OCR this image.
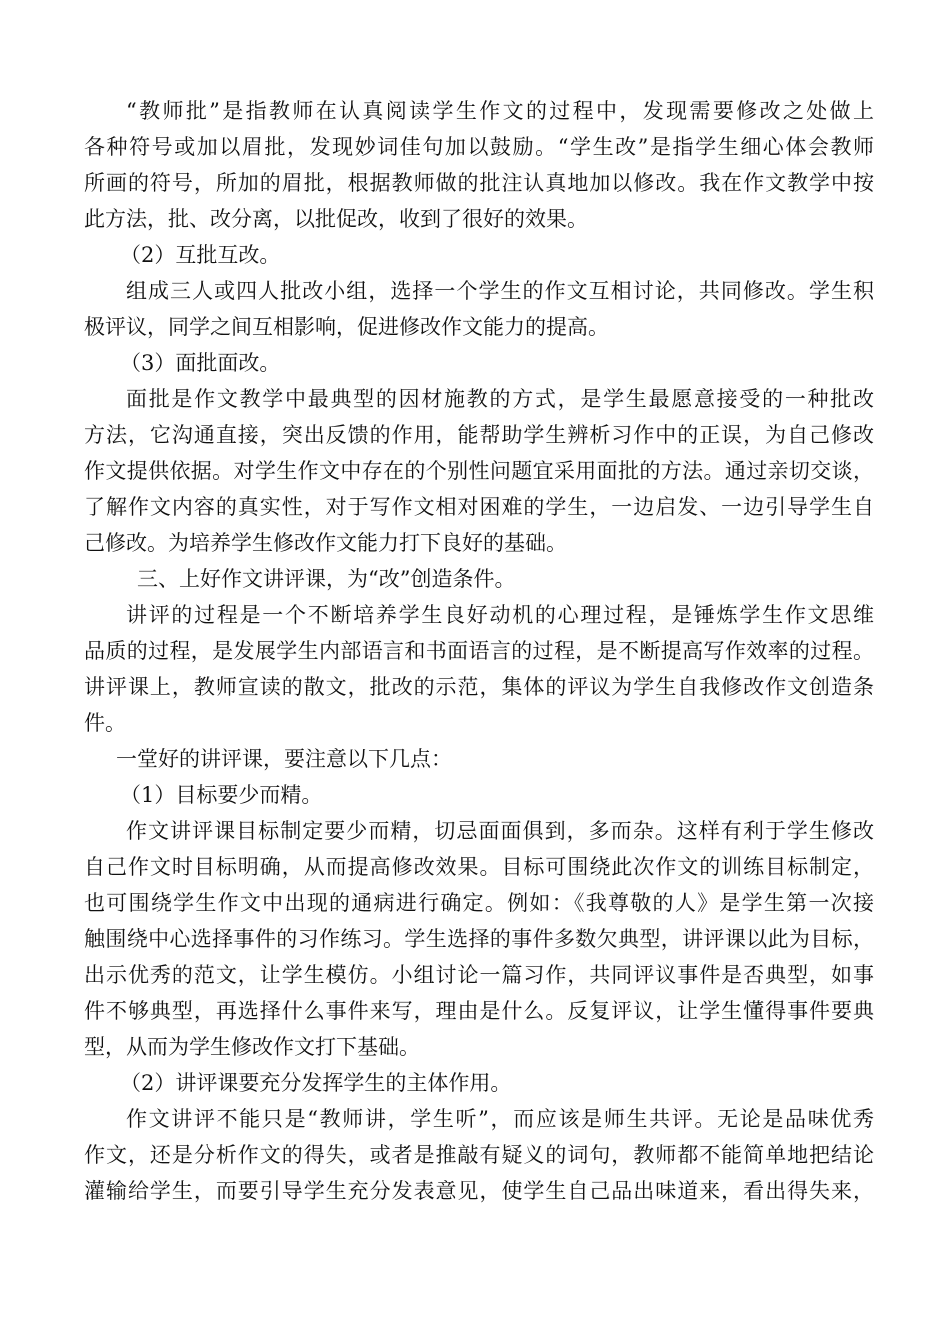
“教师批”是指教师在认真阅读学生作文的过程中，发现需要修改之处做上
各种符号或加以眉批，发现妙词佳句加以鼓励。“学生改”是指学生细心体会教师
所画的符号，所加的眉批，根据教师做的批注认真地加以修改。我在作文教学中按
此方法，批、改分离，以批促改，收到了很好的效果。
（2）互批互改。
组成三人或四人批改小组，选择一个学生的作文互相讨论，共同修改。学生积
极评议，同学之间互相影响，促进修改作文能力的提高。
（3）面批面改。
面批是作文教学中最典型的因材施教的方式，是学生最愿意接受的一种批改
方法，它沟通直接，突出反馈的作用，能帮助学生辨析习作中的正误，为自己修改
作文提供依据。对学生作文中存在的个别性问题宜采用面批的方法。通过亲切交谈，
了解作文内容的真实性，对于写作文相对困难的学生，一边启发、一边引导学生自
己修改。为培养学生修改作文能力打下良好的基础。
三、上好作文讲评课，为“改”创造条件。
讲评的过程是一个不断培养学生良好动机的心理过程，是锤炼学生作文思维
品质的过程，是发展学生内部语言和书面语言的过程，是不断提高写作效率的过程。
讲评课上，教师宣读的散文，批改的示范，集体的评议为学生自我修改作文创造条
件。
一堂好的讲评课，要注意以下几点：
（1）目标要少而精。
作文讲评课目标制定要少而精，切忌面面俱到，多而杂。这样有利于学生修改
自己作文时目标明确，从而提高修改效果。目标可围绕此次作文的训练目标制定，
也可围绕学生作文中出现的通病进行确定。例如：《我尊敬的人》是学生第一次接
触围绕中心选择事件的习作练习。学生选择的事件多数欠典型，讲评课以此为目标，
出示优秀的范文，让学生模仿。小组讨论一篇习作，共同评议事件是否典型，如事
件不够典型，再选择什么事件来写，理由是什么。反复评议，让学生懂得事件要典
型，从而为学生修改作文打下基础。
（2）讲评课要充分发挥学生的主体作用。
作文讲评不能只是“教师讲，学生听”，而应该是师生共评。无论是品味优秀
作文，还是分析作文的得失，或者是推敲有疑义的词句，教师都不能简单地把结论
灌输给学生，而要引导学生充分发表意见，使学生自己品出味道来，看出得失来，
